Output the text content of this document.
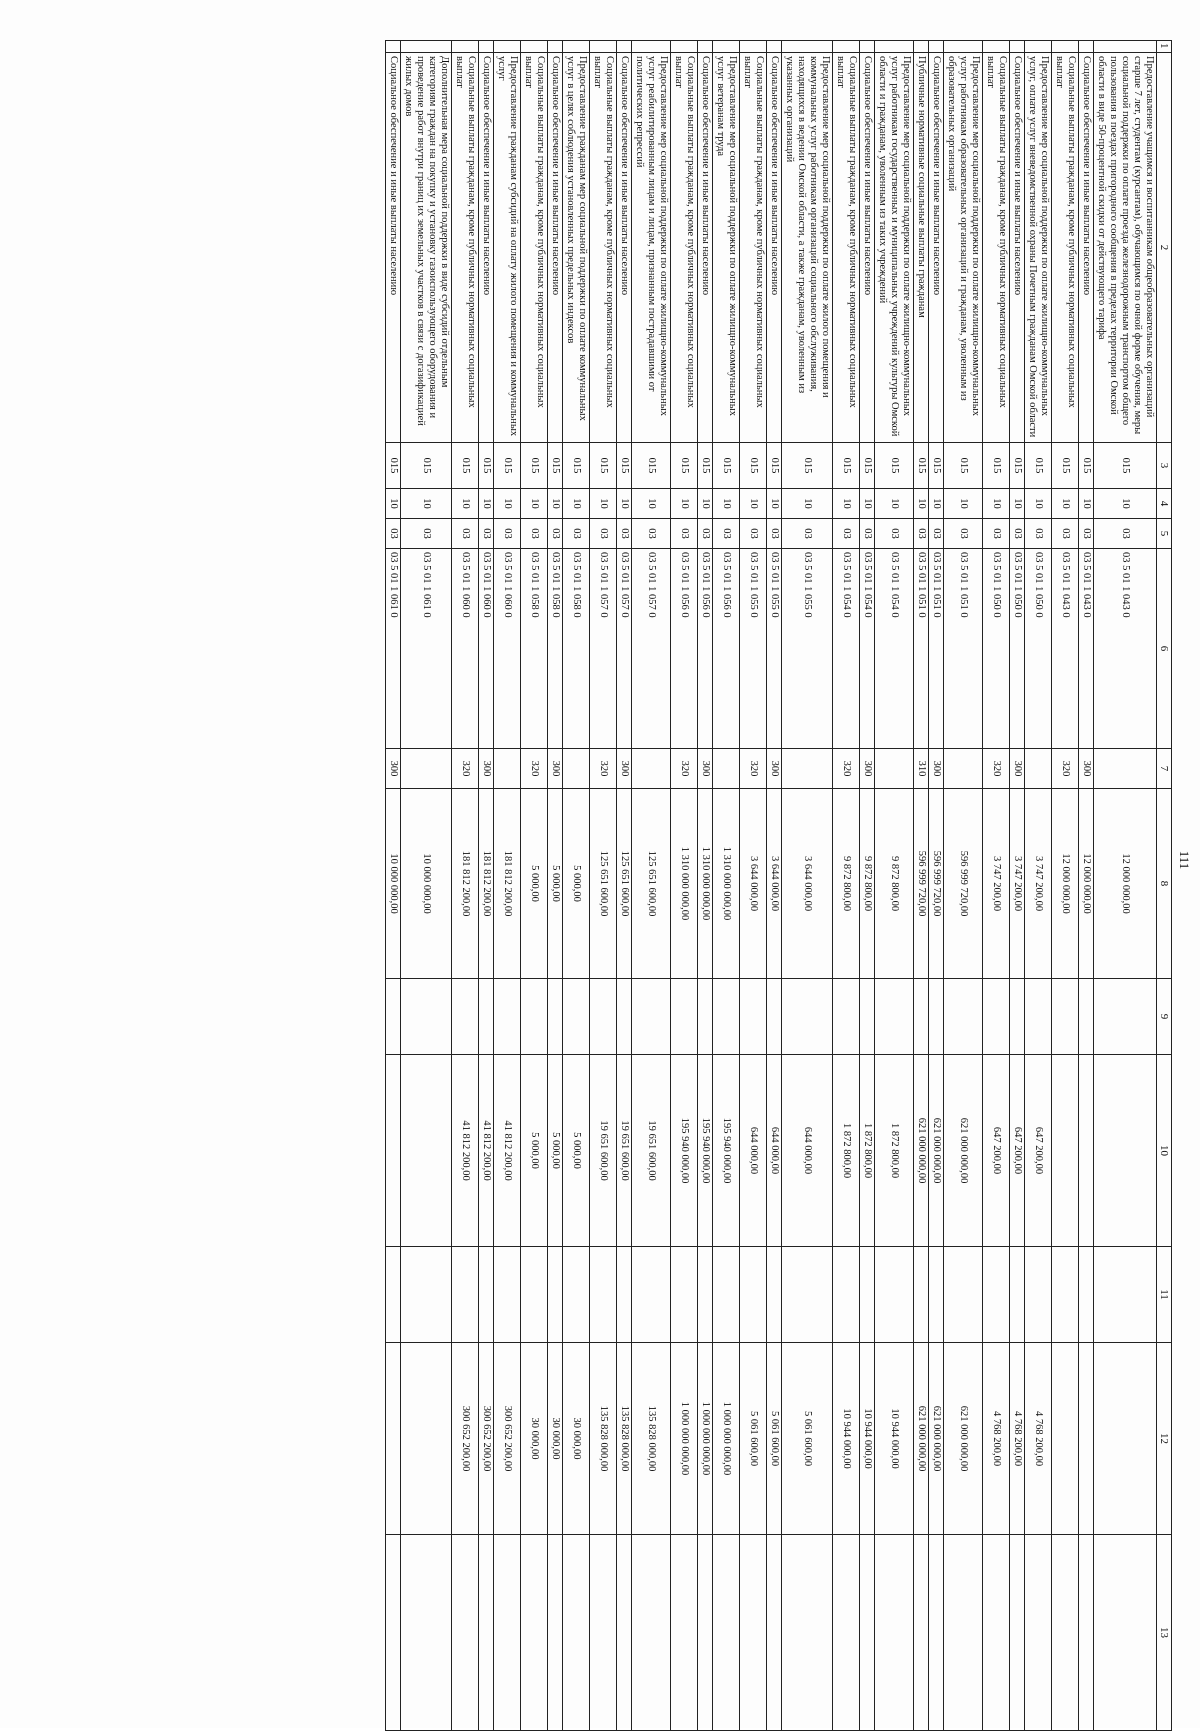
111
1	2	3	4	5	6	7	8	9	10	11	12	13
	Предоставление учащимся и воспитанникам общеобразовательных организаций старше 7 лет, студентам (курсантам), обучающимся по очной форме обучения, меры социальной поддержки по оплате проезда железнодорожным транспортом общего пользования в поездах пригородного сообщения в пределах территории Омской области в виде 50-процентной скидки от действующего тарифа	015	10	03	03 5 01 1 043 0		12 000 000,00					
	Социальное обеспечение и иные выплаты населению	015	10	03	03 5 01 1 043 0	300	12 000 000,00					
	Социальные выплаты гражданам, кроме публичных нормативных социальных выплат	015	10	03	03 5 01 1 043 0	320	12 000 000,00					
	Предоставление мер социальной поддержки по оплате жилищно-коммунальных услуг, оплате услуг вневедомственной охраны Почетным гражданам Омской области	015	10	03	03 5 01 1 050 0		3 747 200,00		647 200,00		4 768 200,00	
	Социальное обеспечение и иные выплаты населению	015	10	03	03 5 01 1 050 0	300	3 747 200,00		647 200,00		4 768 200,00	
	Социальные выплаты гражданам, кроме публичных нормативных социальных выплат	015	10	03	03 5 01 1 050 0	320	3 747 200,00		647 200,00		4 768 200,00	
	Предоставление мер социальной поддержки по оплате жилищно-коммунальных услуг работникам образовательных организаций и гражданам, уволенным из образовательных организаций	015	10	03	03 5 01 1 051 0		596 999 720,00		621 000 000,00		621 000 000,00	
	Социальное обеспечение и иные выплаты населению	015	10	03	03 5 01 1 051 0	300	596 999 720,00		621 000 000,00		621 000 000,00	
	Публичные нормативные социальные выплаты гражданам	015	10	03	03 5 01 1 051 0	310	596 999 720,00		621 000 000,00		621 000 000,00	
	Предоставление мер социальной поддержки по оплате жилищно-коммунальных услуг работникам государственных и муниципальных учреждений культуры Омской области и гражданам, уволенным из таких учреждений	015	10	03	03 5 01 1 054 0		9 872 800,00		1 872 800,00		10 944 000,00	
	Социальное обеспечение и иные выплаты населению	015	10	03	03 5 01 1 054 0	300	9 872 800,00		1 872 800,00		10 944 000,00	
	Социальные выплаты гражданам, кроме публичных нормативных социальных выплат	015	10	03	03 5 01 1 054 0	320	9 872 800,00		1 872 800,00		10 944 000,00	
	Предоставление мер социальной поддержки по оплате жилого помещения и коммунальных услуг работникам организаций социального обслуживания, находящихся в ведении Омской области, а также гражданам, уволенным из указанных организаций	015	10	03	03 5 01 1 055 0		3 644 000,00		644 000,00		5 061 600,00	
	Социальное обеспечение и иные выплаты населению	015	10	03	03 5 01 1 055 0	300	3 644 000,00		644 000,00		5 061 600,00	
	Социальные выплаты гражданам, кроме публичных нормативных социальных выплат	015	10	03	03 5 01 1 055 0	320	3 644 000,00		644 000,00		5 061 600,00	
	Предоставление мер социальной поддержки по оплате жилищно-коммунальных услуг ветеранам труда	015	10	03	03 5 01 1 056 0		1 310 000 000,00		195 940 000,00		1 000 000 000,00	
	Социальное обеспечение и иные выплаты населению	015	10	03	03 5 01 1 056 0	300	1 310 000 000,00		195 940 000,00		1 000 000 000,00	
	Социальные выплаты гражданам, кроме публичных нормативных социальных выплат	015	10	03	03 5 01 1 056 0	320	1 310 000 000,00		195 940 000,00		1 000 000 000,00	
	Предоставление мер социальной поддержки по оплате жилищно-коммунальных услуг реабилитированным лицам и лицам, признанным пострадавшими от политических репрессий	015	10	03	03 5 01 1 057 0		125 651 600,00		19 651 600,00		135 828 000,00	
	Социальное обеспечение и иные выплаты населению	015	10	03	03 5 01 1 057 0	300	125 651 600,00		19 651 600,00		135 828 000,00	
	Социальные выплаты гражданам, кроме публичных нормативных социальных выплат	015	10	03	03 5 01 1 057 0	320	125 651 600,00		19 651 600,00		135 828 000,00	
	Предоставление гражданам мер социальной поддержки по оплате коммунальных услуг в целях соблюдения установленных предельных индексов	015	10	03	03 5 01 1 058 0		5 000,00		5 000,00		30 000,00	
	Социальное обеспечение и иные выплаты населению	015	10	03	03 5 01 1 058 0	300	5 000,00		5 000,00		30 000,00	
	Социальные выплаты гражданам, кроме публичных нормативных социальных выплат	015	10	03	03 5 01 1 058 0	320	5 000,00		5 000,00		30 000,00	
	Предоставление гражданам субсидий на оплату жилого помещения и коммунальных услуг	015	10	03	03 5 01 1 060 0		181 812 200,00		41 812 200,00		300 652 200,00	
	Социальное обеспечение и иные выплаты населению	015	10	03	03 5 01 1 060 0	300	181 812 200,00		41 812 200,00		300 652 200,00	
	Социальные выплаты гражданам, кроме публичных нормативных социальных выплат	015	10	03	03 5 01 1 060 0	320	181 812 200,00		41 812 200,00		300 652 200,00	
	Дополнительная мера социальной поддержки в виде субсидий отдельным категориям граждан на покупку и установку газоиспользующего оборудования и проведение работ внутри границ их земельных участков в связи с догазификацией жилых домов	015	10	03	03 5 01 1 061 0		10 000 000,00					
	Социальное обеспечение и иные выплаты населению	015	10	03	03 5 01 1 061 0	300	10 000 000,00					
